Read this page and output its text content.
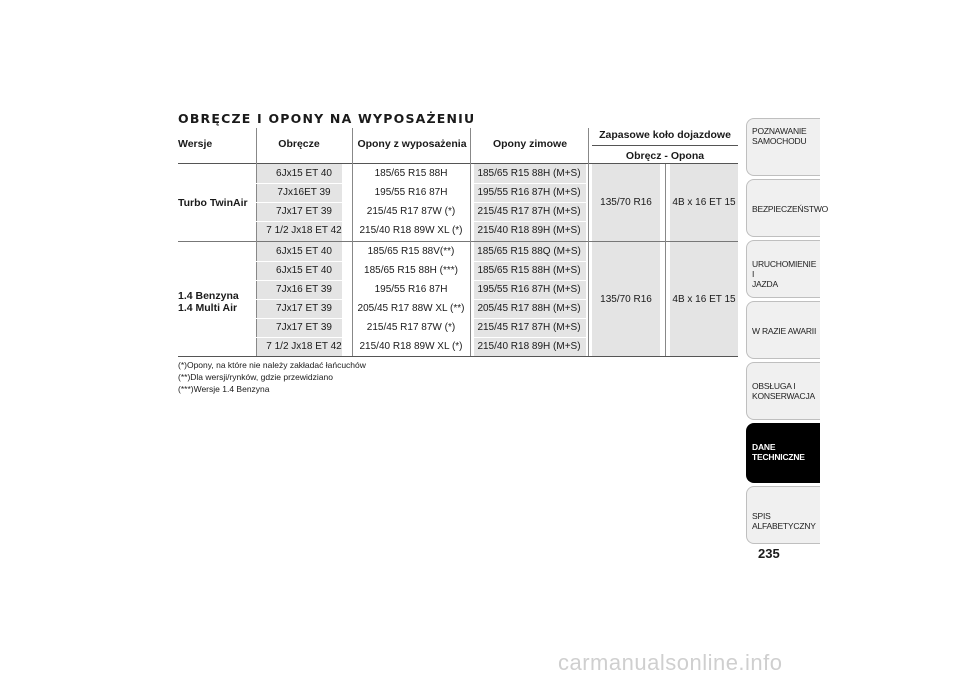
OBRĘCZE I OPONY NA WYPOSAŻENIU
Wersje	Obręcze	Opony z wyposażenia	Opony zimowe
Zapasowe koło dojazdowe
Obręcz - Opona
Turbo TwinAir	135/70 R16	4B x 16 ET 15
6Jx15 ET 40	185/65 R15 88H	185/65 R15 88H (M+S)
7Jx16ET 39	195/55 R16 87H	195/55 R16 87H (M+S)
7Jx17 ET 39	215/45 R17 87W (*)	215/45 R17 87H (M+S)
7 1/2 Jx18 ET 42	215/40 R18 89W XL (*)	215/40 R18 89H (M+S)
1.4 Benzyna
1.4 Multi Air
135/70 R16	4B x 16 ET 15
6Jx15 ET 40	185/65 R15 88V(**)	185/65 R15 88Q (M+S)
6Jx15 ET 40	185/65 R15 88H (***)	185/65 R15 88H (M+S)
7Jx16 ET 39	195/55 R16 87H	195/55 R16 87H (M+S)
7Jx17 ET 39	205/45 R17 88W XL (**)	205/45 R17 88H (M+S)
7Jx17 ET 39	215/45 R17 87W (*)	215/45 R17 87H (M+S)
7 1/2 Jx18 ET 42	215/40 R18 89W XL (*)	215/40 R18 89H (M+S)
(*)Opony, na które nie należy zakładać łańcuchów
(**)Dla wersji/rynków, gdzie przewidziano
(***)Wersje 1.4 Benzyna
POZNAWANIE
SAMOCHODU
BEZPIECZEŃSTWO
URUCHOMIENIE I
JAZDA
W RAZIE AWARII
OBSŁUGA I
KONSERWACJA
DANE
TECHNICZNE
SPIS ALFABETYCZNY
235
carmanualsonline.info
